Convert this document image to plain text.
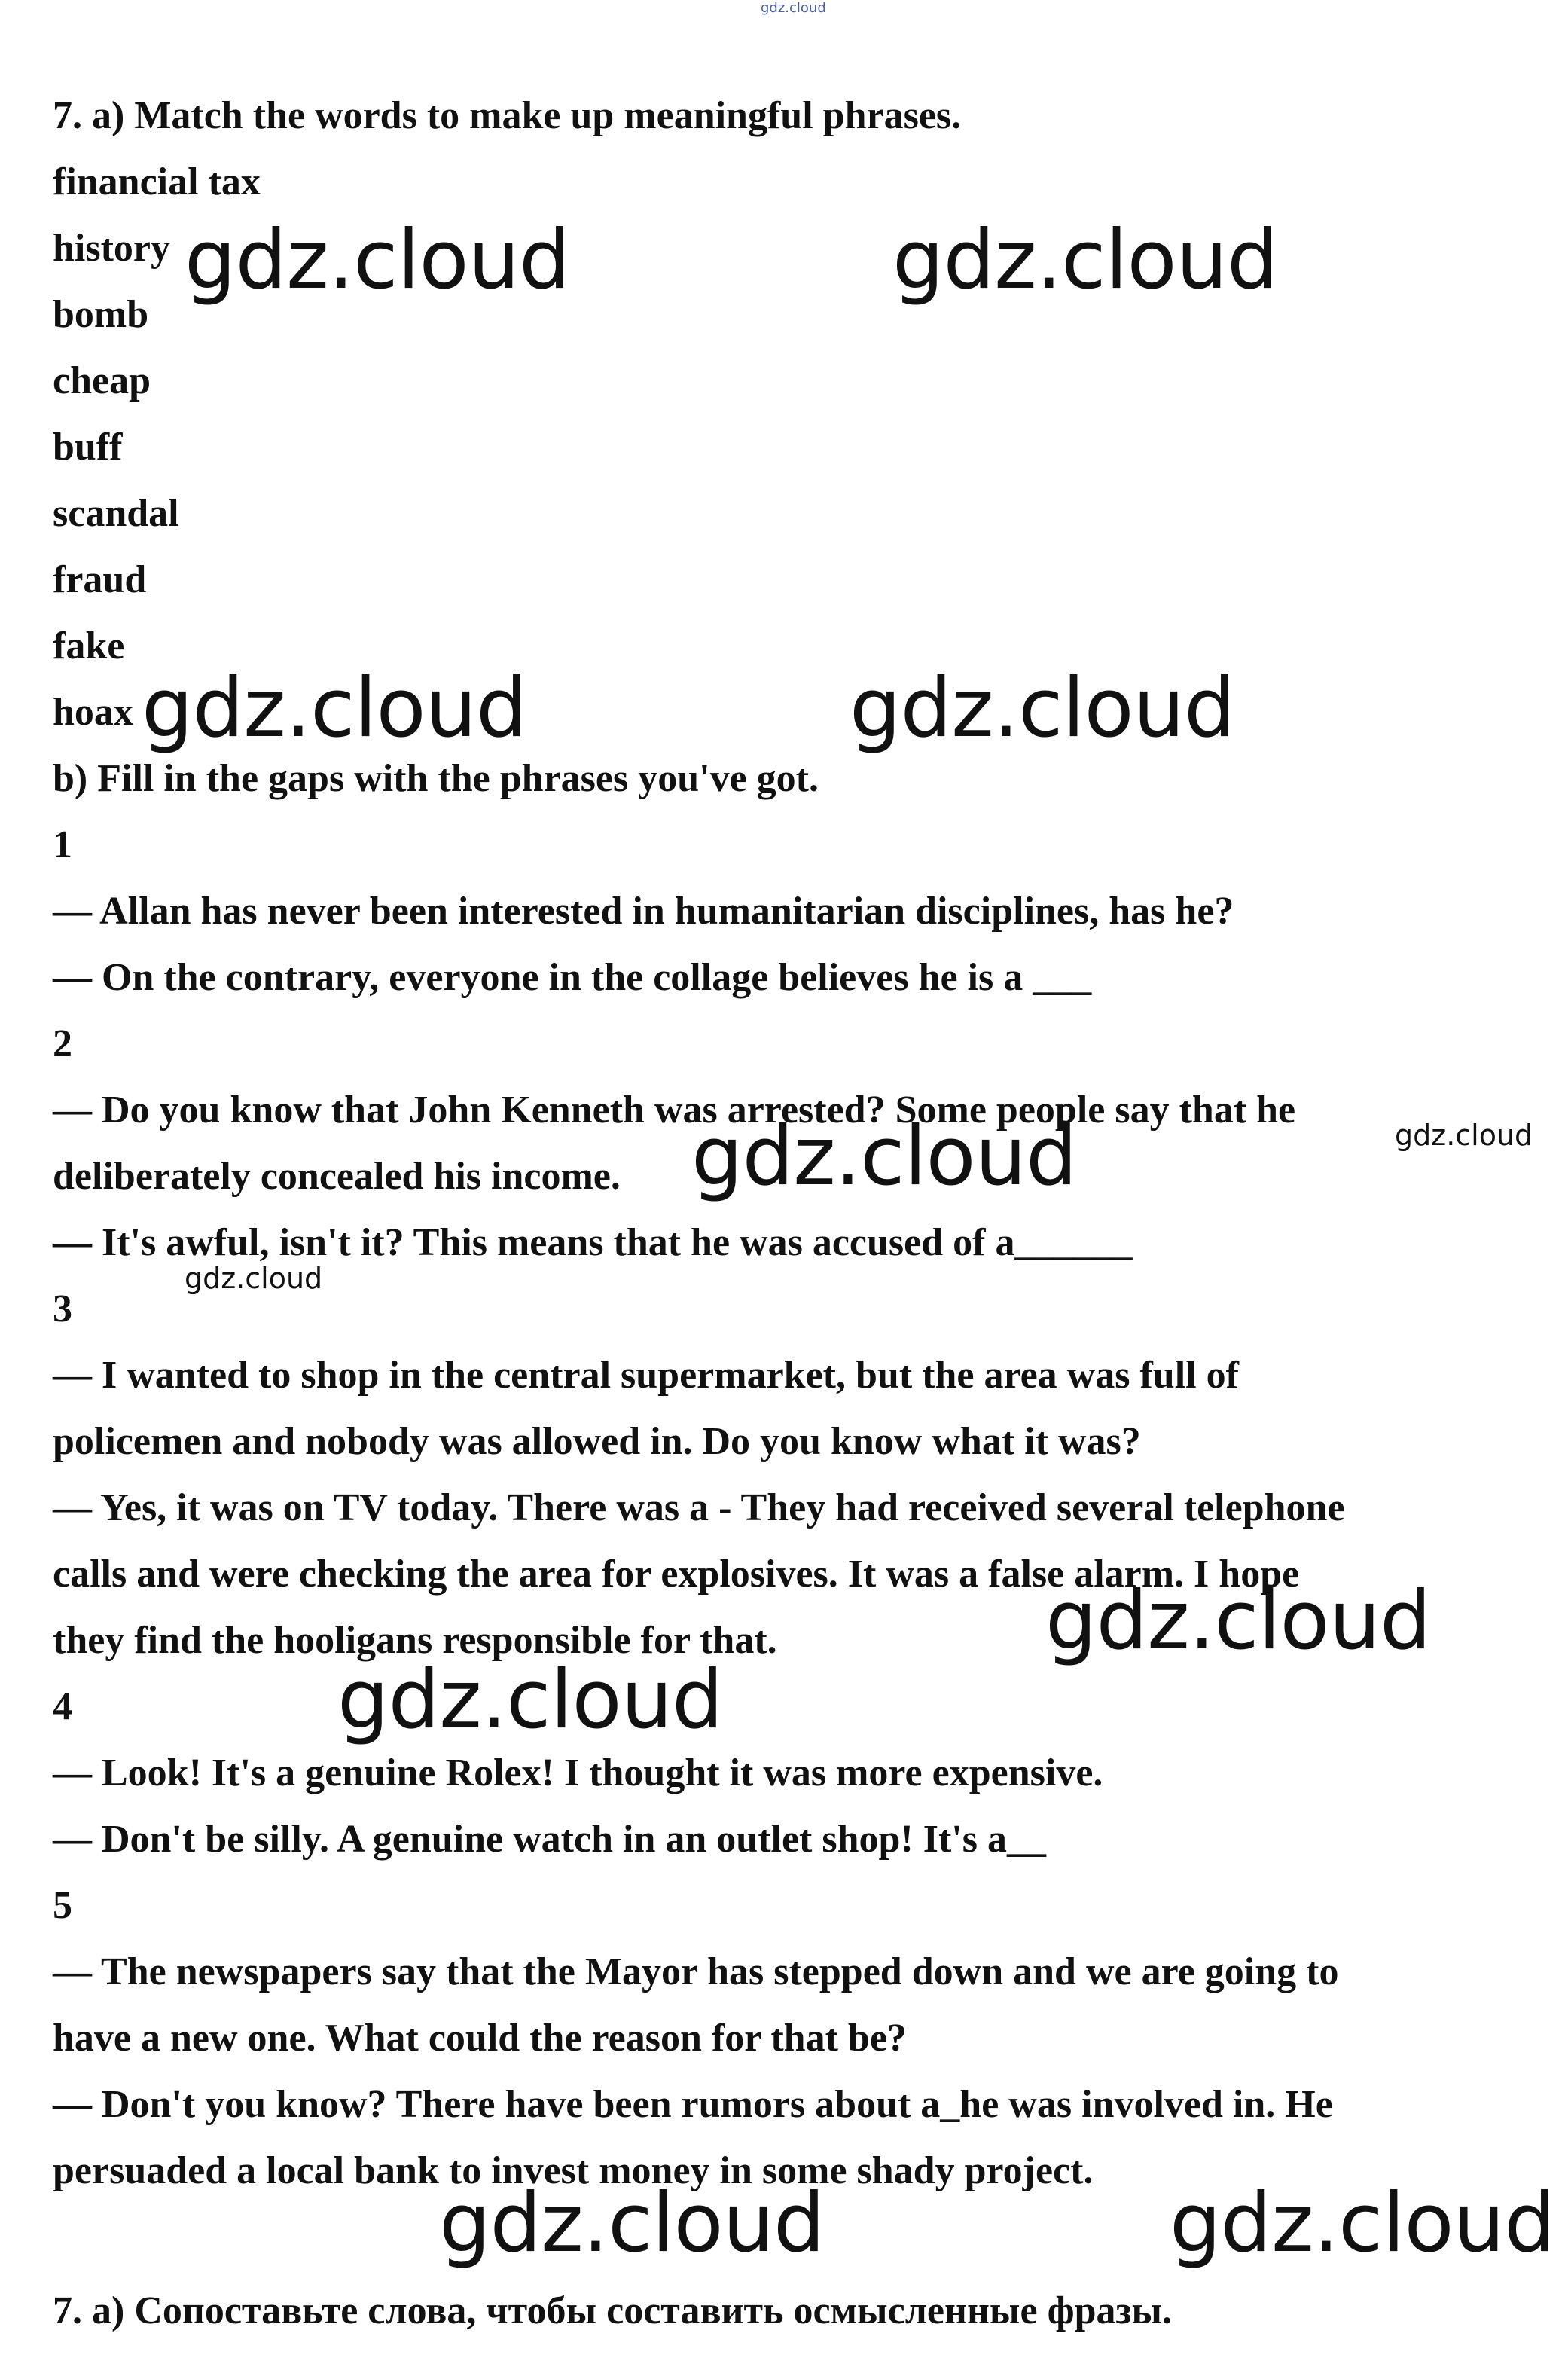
gdz.cloud

7. a) Match the words to make up meaningful phrases.

financial tax

history

bomb

cheap

buff

scandal

fraud

fake

hoax

b) Fill in the gaps with the phrases you've got.

1

— Allan has never been interested in humanitarian disciplines, has he?

— On the contrary, everyone in the collage believes he is a ___

2

— Do you know that John Kenneth was arrested? Some people say that he

deliberately concealed his income.

— It's awful, isn't it? This means that he was accused of a______

3

— I wanted to shop in the central supermarket, but the area was full of

policemen and nobody was allowed in. Do you know what it was?

— Yes, it was on TV today. There was a - They had received several telephone

calls and were checking the area for explosives. It was a false alarm. I hope

they find the hooligans responsible for that.

4

— Look! It's a genuine Rolex! I thought it was more expensive.

— Don't be silly. A genuine watch in an outlet shop! It's a__

5

— The newspapers say that the Mayor has stepped down and we are going to

have a new one. What could the reason for that be?

— Don't you know? There have been rumors about a_he was involved in. He

persuaded a local bank to invest money in some shady project.

7. а) Сопоставьте слова, чтобы составить осмысленные фразы.

gdz.cloud	gdz.cloud
gdz.cloud	gdz.cloud
gdz.cloud	gdz.cloud
gdz.cloud
gdz.cloud
gdz.cloud
gdz.cloud	gdz.cloud
